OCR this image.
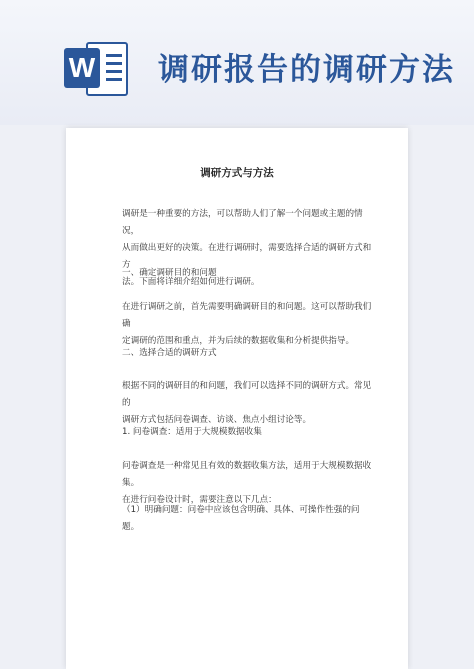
W 调研报告的调研方法
调研方式与方法

调研是一种重要的方法，可以帮助人们了解一个问题或主题的情况，

从而做出更好的决策。在进行调研时，需要选择合适的调研方式和方

法。下面将详细介绍如何进行调研。

一、确定调研目的和问题

在进行调研之前，首先需要明确调研目的和问题。这可以帮助我们确

定调研的范围和重点，并为后续的数据收集和分析提供指导。

二、选择合适的调研方式

根据不同的调研目的和问题，我们可以选择不同的调研方式。常见的

调研方式包括问卷调查、访谈、焦点小组讨论等。

1. 问卷调查：适用于大规模数据收集

问卷调查是一种常见且有效的数据收集方法，适用于大规模数据收集。

在进行问卷设计时，需要注意以下几点：

（1）明确问题：问卷中应该包含明确、具体、可操作性强的问题。
